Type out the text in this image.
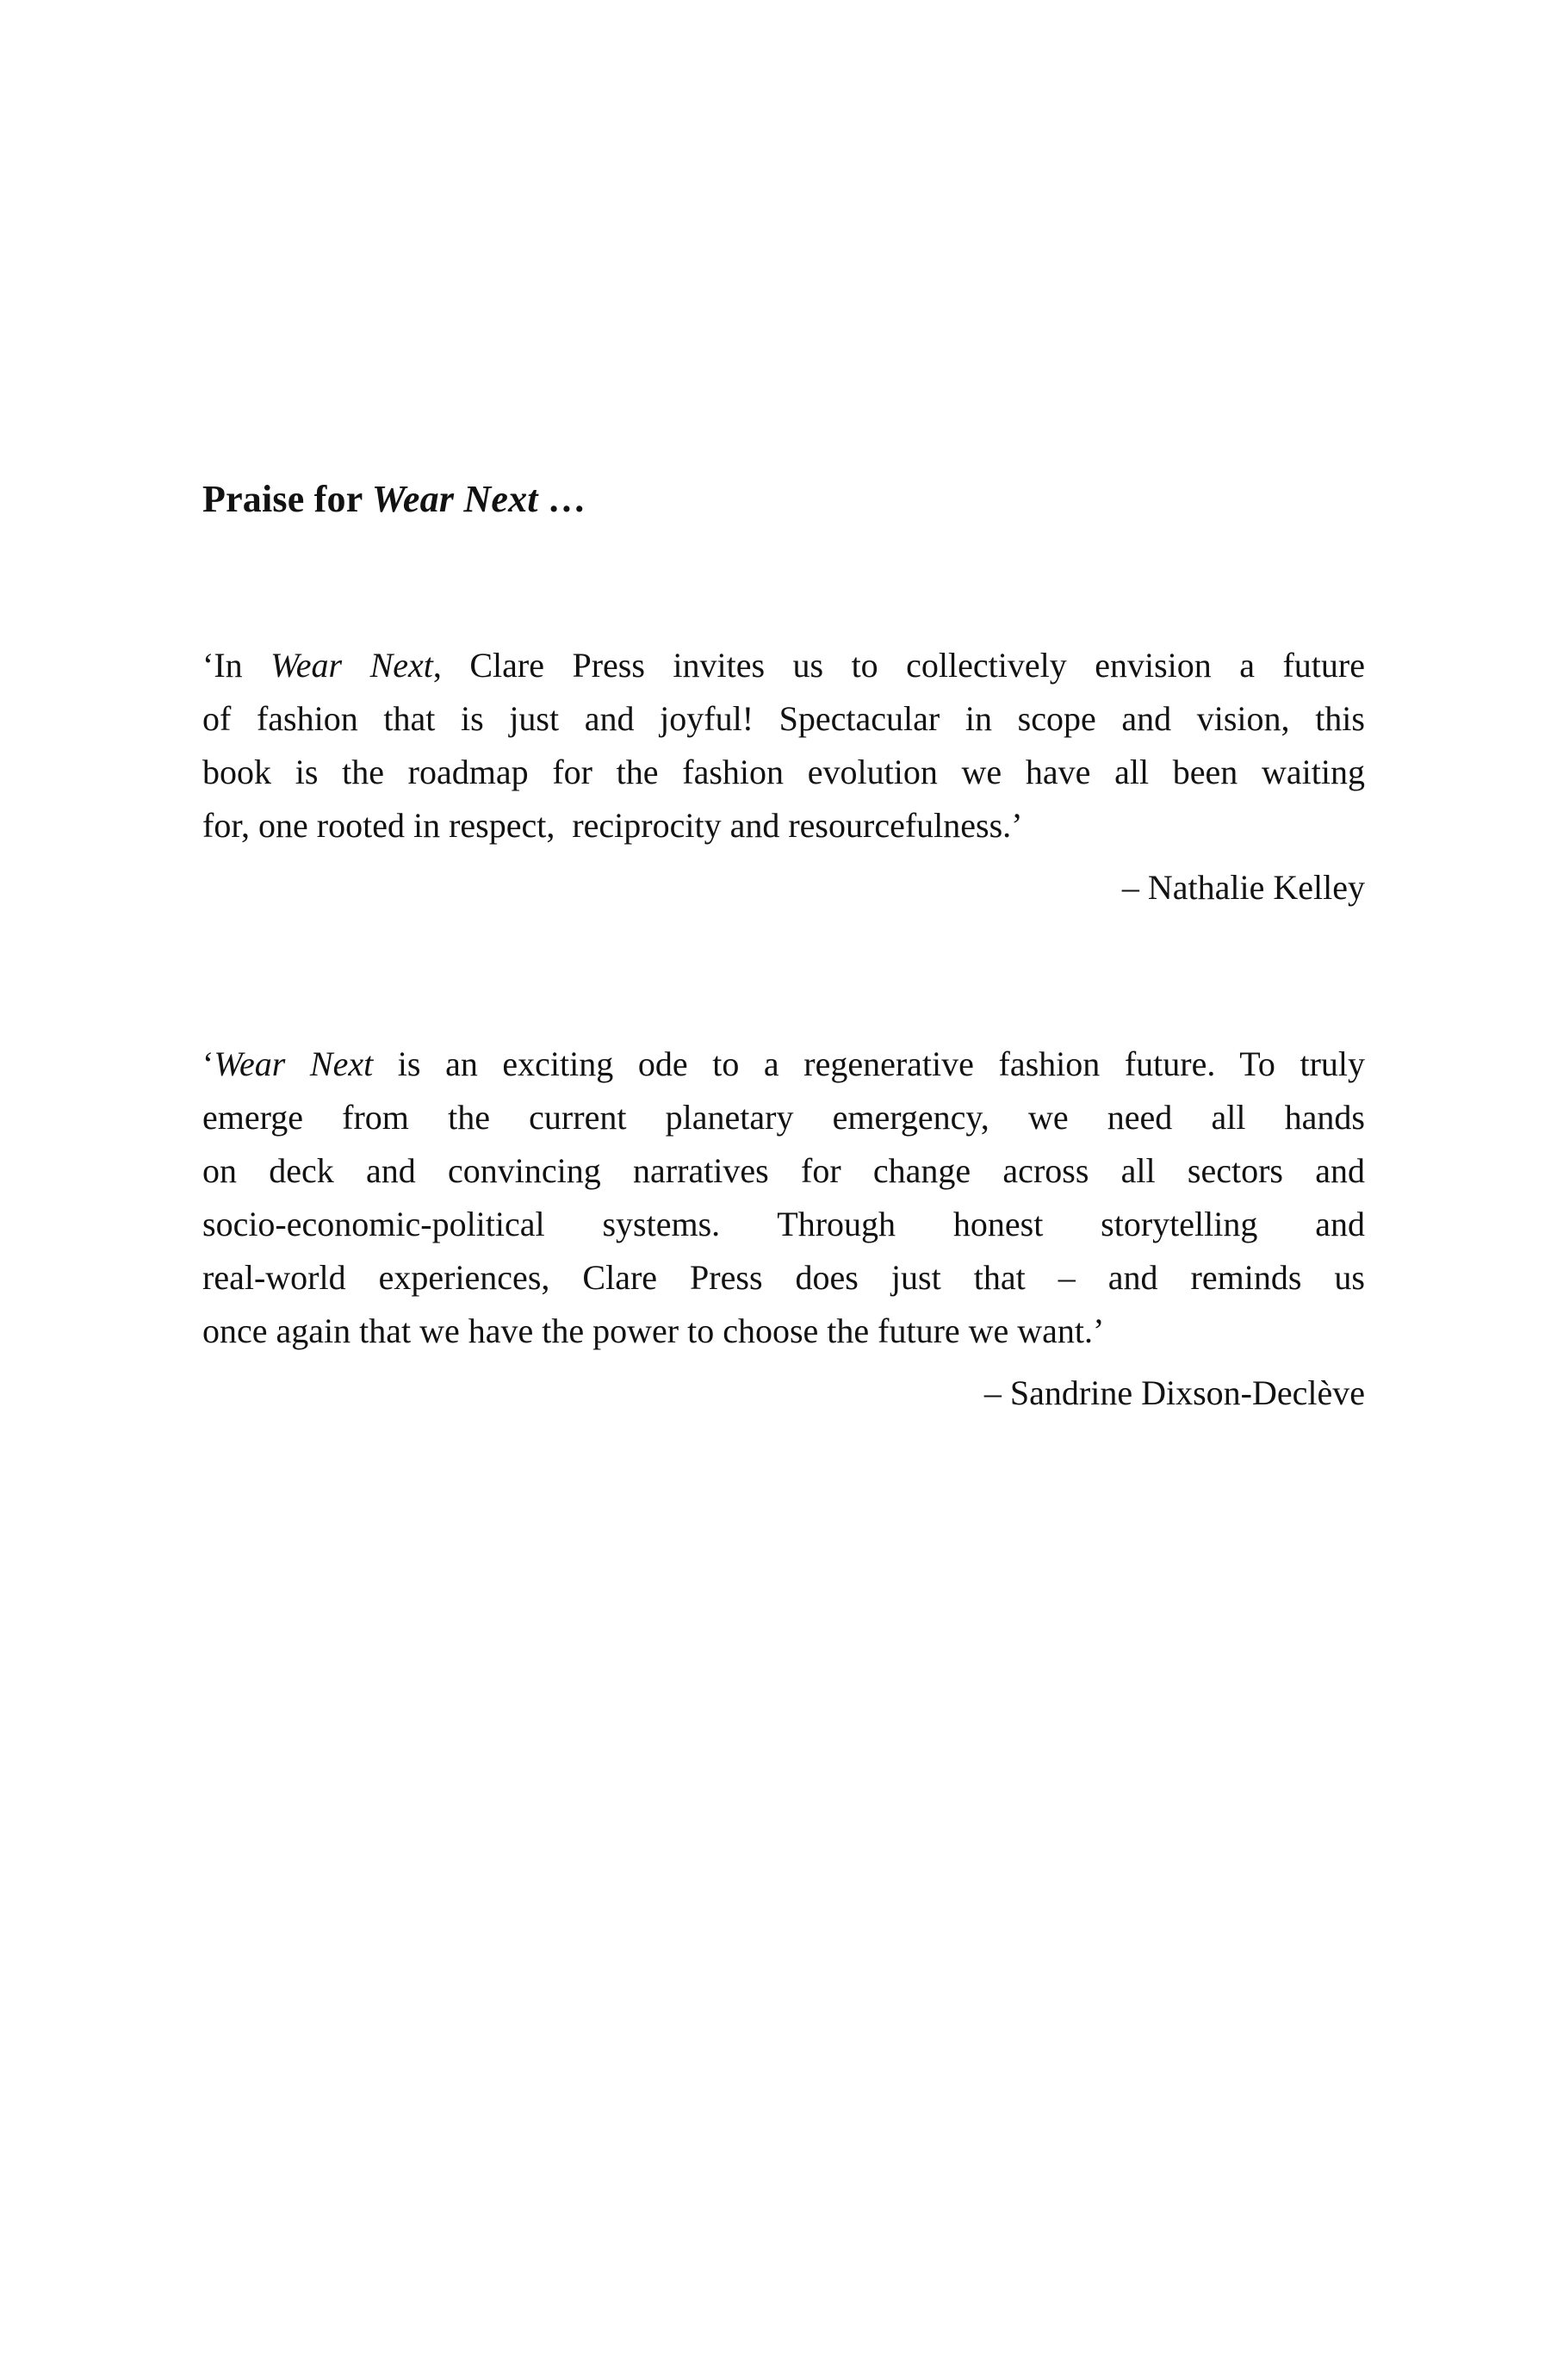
Praise for Wear Next …
‘In Wear Next, Clare Press invites us to collectively envision a future
of fashion that is just and joyful! Spectacular in scope and vision, this
book is the roadmap for the fashion evolution we have all been waiting
for, one rooted in respect,  reciprocity and resourcefulness.’
– Nathalie Kelley
‘Wear Next is an exciting ode to a regenerative fashion future. To truly
emerge from the current planetary emergency, we need all hands
on deck and convincing narratives for change across all sectors and
socio-economic-political systems. Through honest storytelling and
real-world experiences, Clare Press does just that – and reminds us
once again that we have the power to choose the future we want.’
– Sandrine Dixson-Declève
